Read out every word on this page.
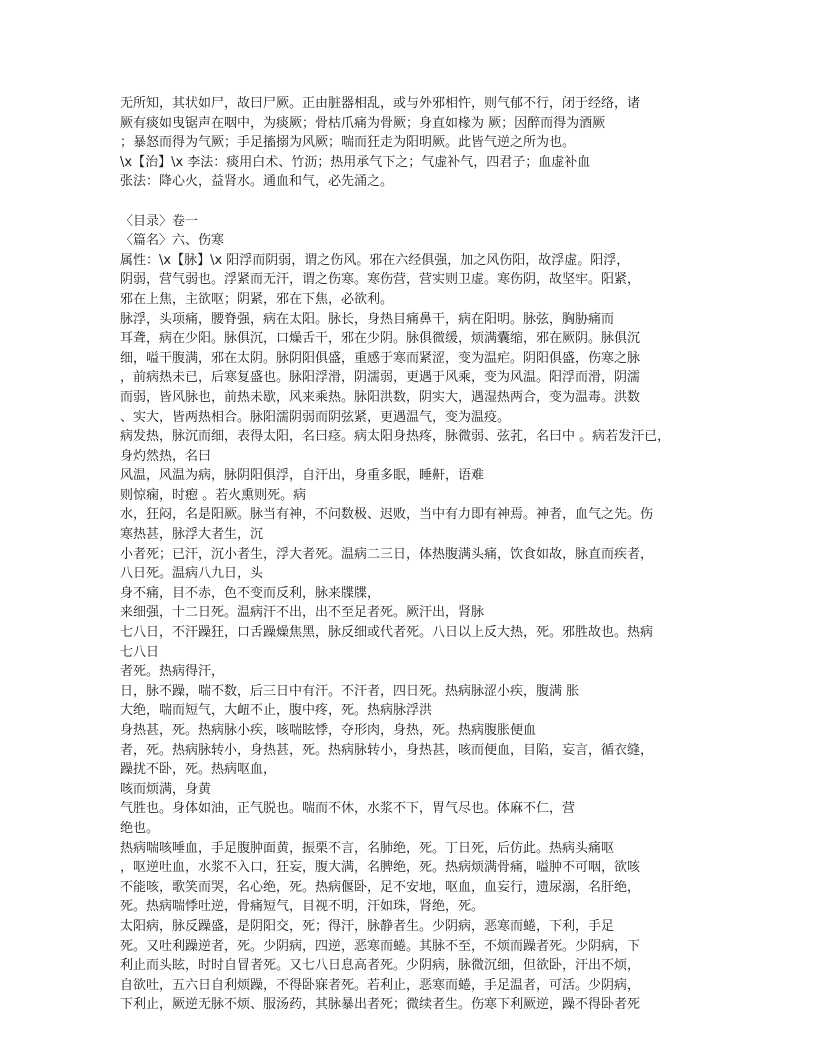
无所知，其状如尸，故曰尸厥。正由脏器相乱，或与外邪相忤，则气郁不行，闭于经络，诸
厥有痰如曳锯声在咽中，为痰厥；骨枯爪痛为骨厥；身直如椽为 厥；因醉而得为酒厥
；暴怒而得为气厥；手足搐搦为风厥；喘而狂走为阳明厥。此皆气逆之所为也。
\x【治】\x 李法：痰用白术、竹沥；热用承气下之；气虚补气，四君子；血虚补血
张法：降心火，益肾水。通血和气，必先涌之。
〈目录〉卷一
〈篇名〉六、伤寒
属性：\x【脉】\x 阳浮而阴弱，谓之伤风。邪在六经俱强，加之风伤阳，故浮虚。阳浮，
阴弱，营气弱也。浮紧而无汗，谓之伤寒。寒伤营，营实则卫虚。寒伤阴，故坚牢。阳紧，
邪在上焦，主欲呕；阴紧，邪在下焦，必欲利。
脉浮，头项痛，腰脊强，病在太阳。脉长，身热目痛鼻干，病在阳明。脉弦，胸胁痛而
耳聋，病在少阳。脉俱沉，口燥舌干，邪在少阴。脉俱微缓，烦满囊缩，邪在厥阴。脉俱沉
细，嗌干腹满，邪在太阴。脉阴阳俱盛，重感于寒而紧涩，变为温疟。阴阳俱盛，伤寒之脉
，前病热未已，后寒复盛也。脉阳浮滑，阴濡弱，更遇于风乘，变为风温。阳浮而滑，阴濡
而弱，皆风脉也，前热未歇，风来乘热。脉阳洪数，阴实大，遇湿热两合，变为温毒。洪数
、实大，皆两热相合。脉阳濡阴弱而阴弦紧，更遇温气，变为温疫。
病发热，脉沉而细，表得太阳，名曰痉。病太阳身热疼，脉微弱、弦芤，名曰中 。病若发汗已，
身灼然热，名曰
风温，风温为病，脉阴阳俱浮，自汗出，身重多眠，睡鼾，语难
则惊痫，时瘛 。若火熏则死。病
水，狂闷，名是阳厥。脉当有神，不问数极、迟败，当中有力即有神焉。神者，血气之先。伤
寒热甚，脉浮大者生，沉
小者死；已汗，沉小者生，浮大者死。温病二三日，体热腹满头痛，饮食如故，脉直而疾者，
八日死。温病八九日，头
身不痛，目不赤，色不变而反利，脉来牒牒，
来细强，十二日死。温病汗不出，出不至足者死。厥汗出，肾脉
七八日，不汗躁狂，口舌躁燥焦黑，脉反细或代者死。八日以上反大热，死。邪胜故也。热病
七八日
者死。热病得汗，
日，脉不躁，喘不数，后三日中有汗。不汗者，四日死。热病脉涩小疾，腹满 胀
大绝，喘而短气，大衄不止，腹中疼，死。热病脉浮洪
身热甚，死。热病脉小疾，咳喘眩悸，夺形肉，身热，死。热病腹胀便血
者，死。热病脉转小，身热甚，死。热病脉转小，身热甚，咳而便血，目陷，妄言，循衣缝，
躁扰不卧，死。热病呕血，
咳而烦满，身黄
气胜也。身体如油，正气脱也。喘而不休，水浆不下，胃气尽也。体麻不仁，营
绝也。
热病喘咳唾血，手足腹肿面黄，振栗不言，名肺绝，死。丁日死，后仿此。热病头痛呕
，呕逆吐血，水浆不入口，狂妄，腹大满，名脾绝，死。热病烦满骨痛，嗌肿不可咽，欲咳
不能咳，歌笑而哭，名心绝，死。热病偃卧，足不安地，呕血，血妄行，遗尿溺，名肝绝，
死。热病喘悸吐逆，骨痛短气，目视不明，汗如珠，肾绝，死。
太阳病，脉反躁盛，是阴阳交，死；得汗，脉静者生。少阴病，恶寒而蜷，下利，手足
死。又吐利躁逆者，死。少阴病，四逆，恶寒而蜷。其脉不至，不烦而躁者死。少阴病，下
利止而头眩，时时自冒者死。又七八日息高者死。少阴病，脉微沉细，但欲卧，汗出不烦，
自欲吐，五六日自利烦躁，不得卧寐者死。若利止，恶寒而蜷，手足温者，可活。少阴病，
下利止，厥逆无脉不烦、服汤药，其脉暴出者死；微续者生。伤寒下利厥逆，躁不得卧者死
